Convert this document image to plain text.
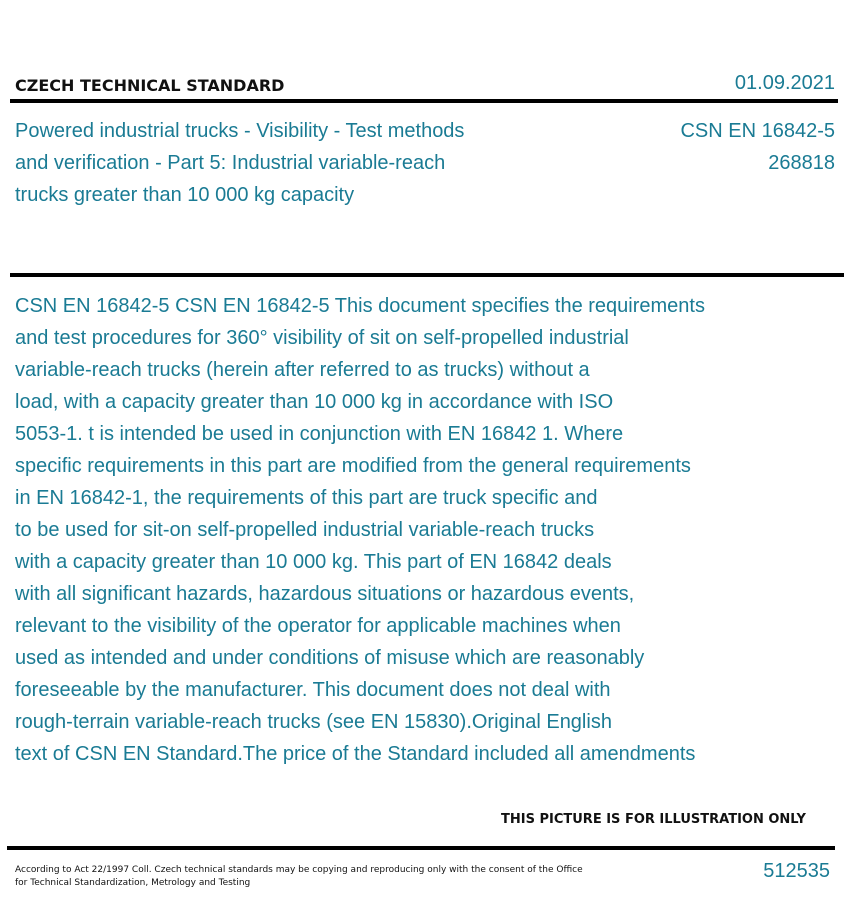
CZECH TECHNICAL STANDARD	01.09.2021
Powered industrial trucks - Visibility - Test methods
and verification - Part 5: Industrial variable-reach
trucks greater than 10 000 kg capacity
CSN EN 16842-5
268818
CSN EN 16842-5 CSN EN 16842-5 This document specifies the requirements
and test procedures for 360° visibility of sit on self-propelled industrial
variable-reach trucks (herein after referred to as trucks) without a
load, with a capacity greater than 10 000 kg in accordance with ISO
5053-1. t is intended be used in conjunction with EN 16842 1. Where
specific requirements in this part are modified from the general requirements
in EN 16842-1, the requirements of this part are truck specific and
to be used for sit-on self-propelled industrial variable-reach trucks
with a capacity greater than 10 000 kg. This part of EN 16842 deals
with all significant hazards, hazardous situations or hazardous events,
relevant to the visibility of the operator for applicable machines when
used as intended and under conditions of misuse which are reasonably
foreseeable by the manufacturer. This document does not deal with
rough-terrain variable-reach trucks (see EN 15830).Original English
text of CSN EN Standard.The price of the Standard included all amendments
THIS PICTURE IS FOR ILLUSTRATION ONLY
According to Act 22/1997 Coll. Czech technical standards may be copying and reproducing only with the consent of the Office
for Technical Standardization, Metrology and Testing
512535
